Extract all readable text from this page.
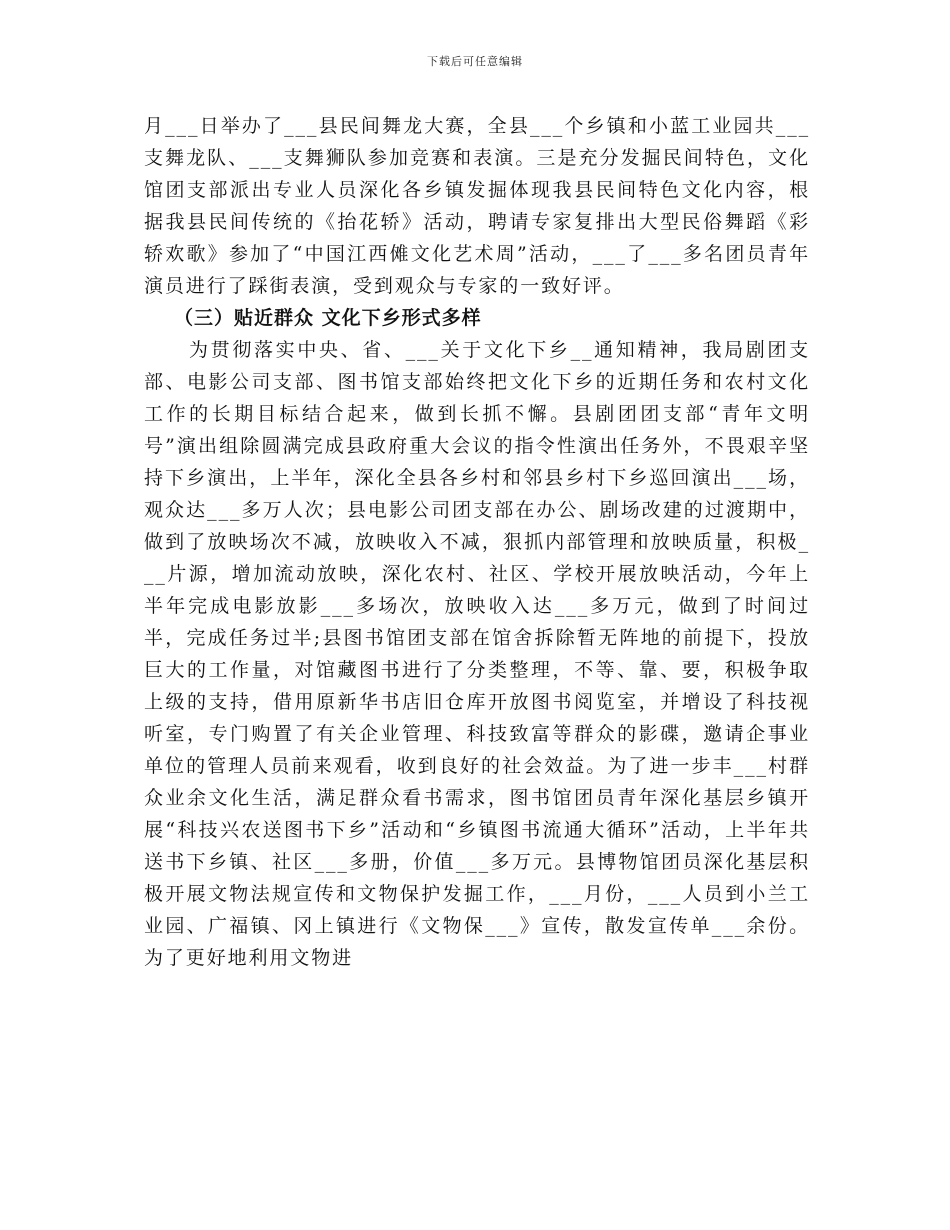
下载后可任意编辑

月___日举办了___县民间舞龙大赛，全县___个乡镇和小蓝工业园共___支舞龙队、___支舞狮队参加竞赛和表演。三是充分发掘民间特色，文化馆团支部派出专业人员深化各乡镇发掘体现我县民间特色文化内容，根据我县民间传统的《抬花轿》活动，聘请专家复排出大型民俗舞蹈《彩轿欢歌》参加了“中国江西傩文化艺术周”活动，___了___多名团员青年演员进行了踩街表演，受到观众与专家的一致好评。

（三）贴近群众 文化下乡形式多样

为贯彻落实中央、省、___关于文化下乡__通知精神，我局剧团支部、电影公司支部、图书馆支部始终把文化下乡的近期任务和农村文化工作的长期目标结合起来，做到长抓不懈。县剧团团支部“青年文明号”演出组除圆满完成县政府重大会议的指令性演出任务外，不畏艰辛坚持下乡演出，上半年，深化全县各乡村和邻县乡村下乡巡回演出___场，观众达___多万人次；县电影公司团支部在办公、剧场改建的过渡期中，做到了放映场次不减，放映收入不减，狠抓内部管理和放映质量，积极___片源，增加流动放映，深化农村、社区、学校开展放映活动，今年上半年完成电影放影___多场次，放映收入达___多万元，做到了时间过半，完成任务过半;县图书馆团支部在馆舍拆除暂无阵地的前提下，投放巨大的工作量，对馆藏图书进行了分类整理，不等、靠、要，积极争取上级的支持，借用原新华书店旧仓库开放图书阅览室，并增设了科技视听室，专门购置了有关企业管理、科技致富等群众的影碟，邀请企事业单位的管理人员前来观看，收到良好的社会效益。为了进一步丰___村群众业余文化生活，满足群众看书需求，图书馆团员青年深化基层乡镇开展“科技兴农送图书下乡”活动和“乡镇图书流通大循环”活动，上半年共送书下乡镇、社区___多册，价值___多万元。县博物馆团员深化基层积极开展文物法规宣传和文物保护发掘工作，___月份，___人员到小兰工业园、广福镇、冈上镇进行《文物保___》宣传，散发宣传单___余份。为了更好地利用文物进
